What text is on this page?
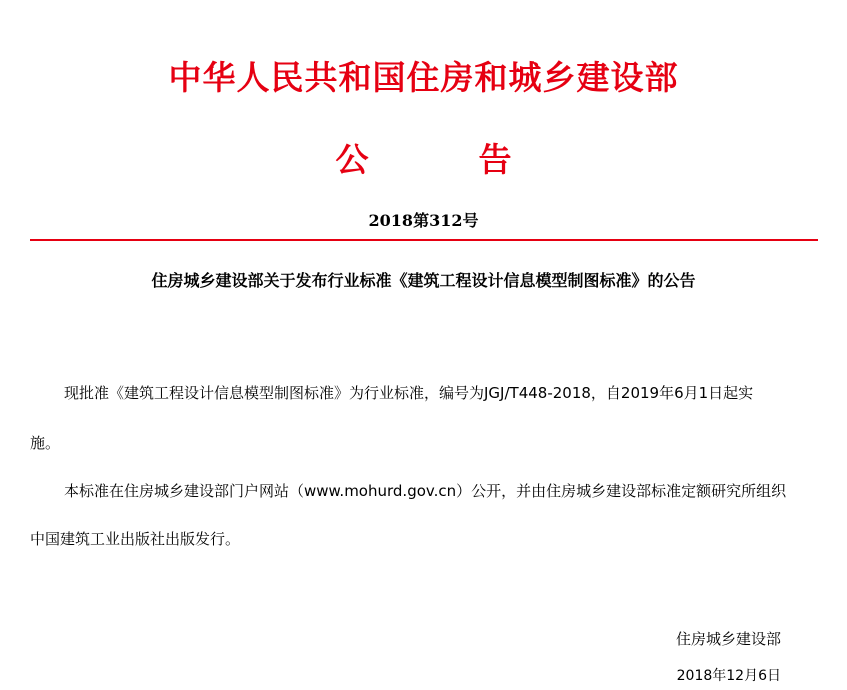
中华人民共和国住房和城乡建设部
公	告
2018第312号
住房城乡建设部关于发布行业标准《建筑工程设计信息模型制图标准》的公告
现批准《建筑工程设计信息模型制图标准》为行业标准，编号为JGJ/T448-2018，自2019年6月1日起实
施。
本标准在住房城乡建设部门户网站（www.mohurd.gov.cn）公开，并由住房城乡建设部标准定额研究所组织
中国建筑工业出版社出版发行。
住房城乡建设部
2018年12月6日
